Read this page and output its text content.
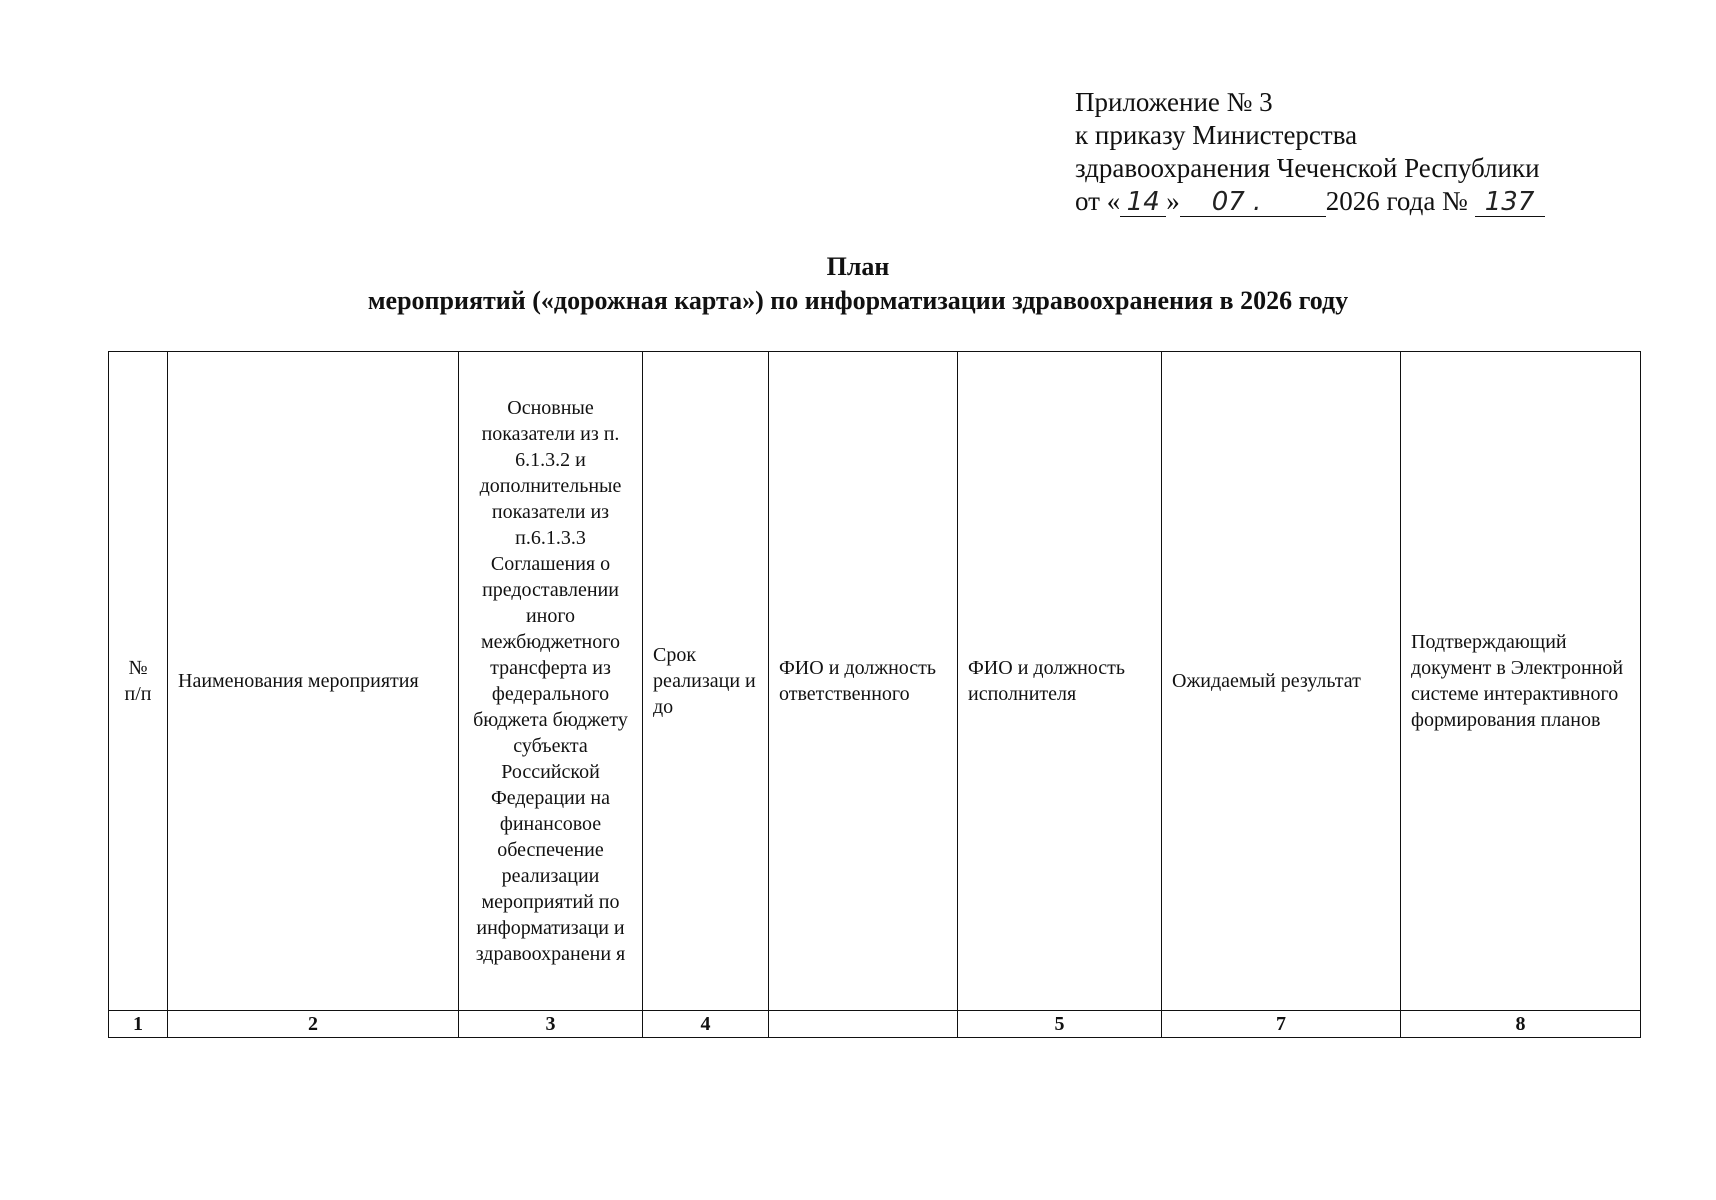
Приложение № 3
к приказу Министерства
здравоохранения Чеченской Республики
от « 14 » 07 . 2026 года № 137
План
мероприятий («дорожная карта») по информатизации здравоохранения в 2026 году
№ п/п	Наименования мероприятия	Основные показатели из п. 6.1.3.2 и дополнительные показатели из п.6.1.3.3 Соглашения о предоставлении иного межбюджетного трансферта из федерального бюджета бюджету субъекта Российской Федерации на финансовое обеспечение реализации мероприятий по информатизаци и здравоохранени я	Срок реализаци и до	ФИО и должность ответственного	ФИО и должность исполнителя	Ожидаемый результат	Подтверждающий документ в Электронной системе интерактивного формирования планов
1	2	3	4		5	7	8
